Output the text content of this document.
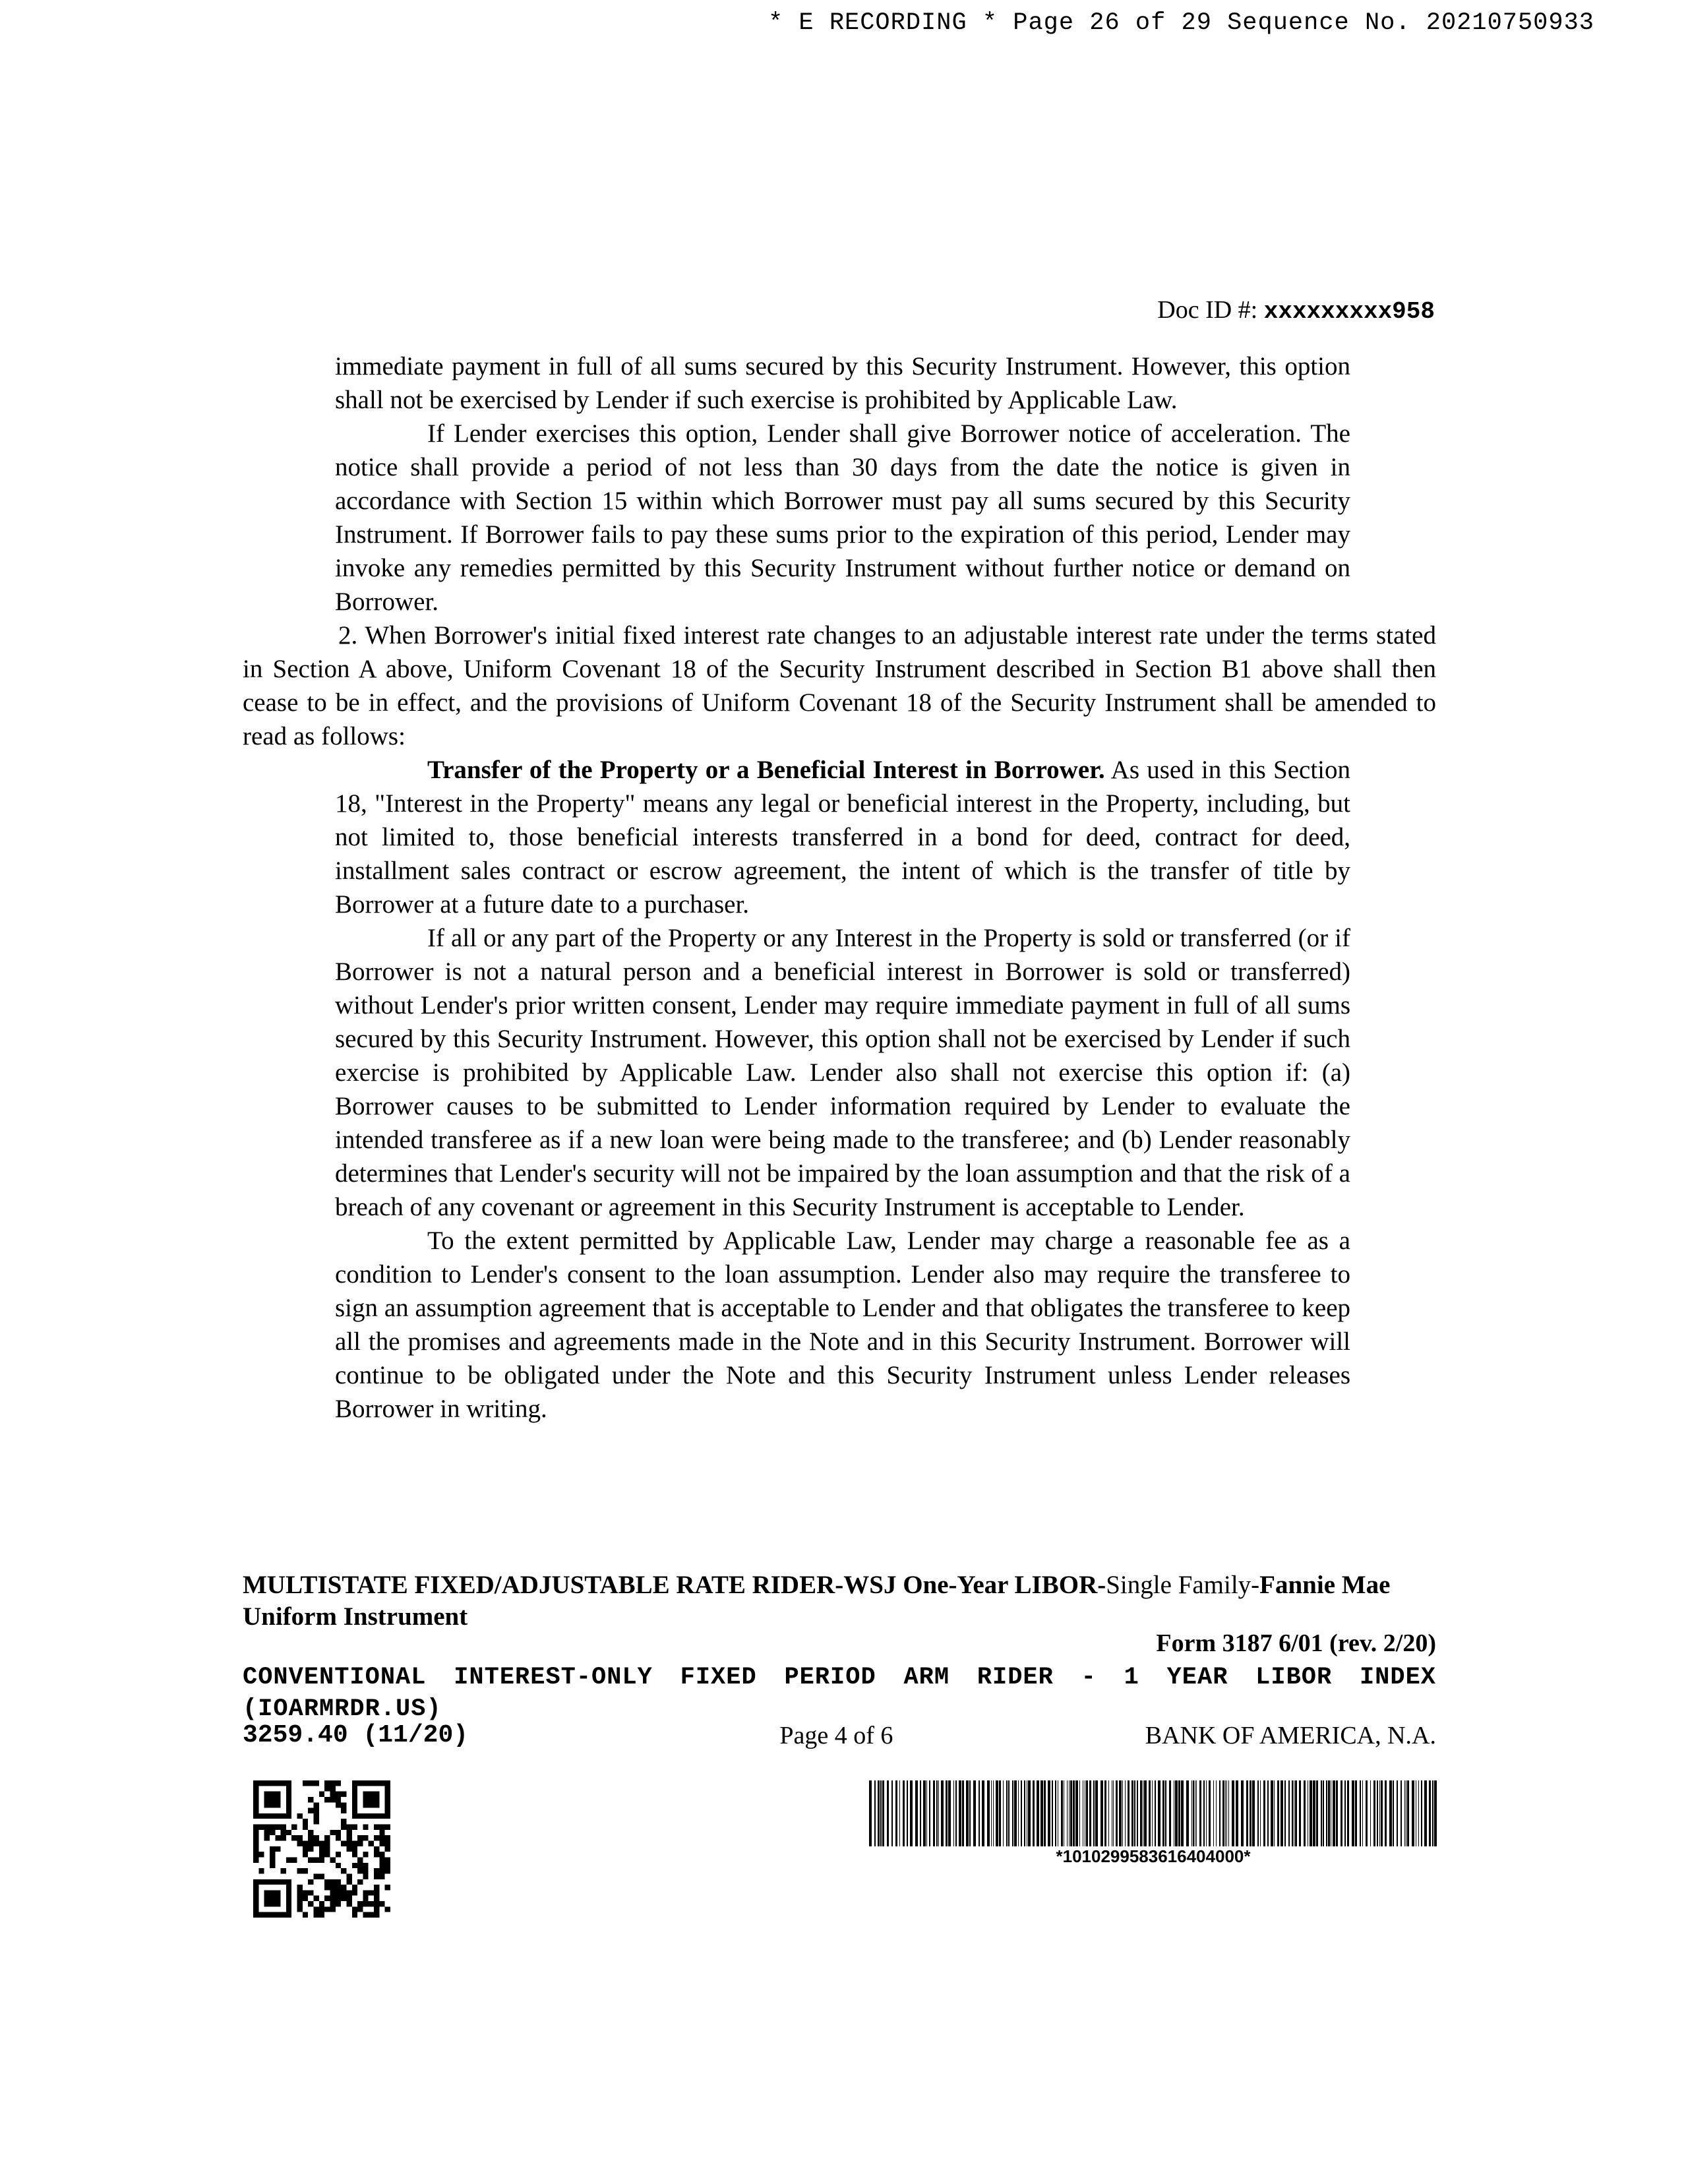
* E RECORDING * Page 26 of 29 Sequence No. 20210750933
Doc ID #: xxxxxxxxx958

immediate payment in full of all sums secured by this Security Instrument. However, this option shall not be exercised by Lender if such exercise is prohibited by Applicable Law.

If Lender exercises this option, Lender shall give Borrower notice of acceleration. The notice shall provide a period of not less than 30 days from the date the notice is given in accordance with Section 15 within which Borrower must pay all sums secured by this Security Instrument. If Borrower fails to pay these sums prior to the expiration of this period, Lender may invoke any remedies permitted by this Security Instrument without further notice or demand on Borrower.

2. When Borrower's initial fixed interest rate changes to an adjustable interest rate under the terms stated in Section A above, Uniform Covenant 18 of the Security Instrument described in Section B1 above shall then cease to be in effect, and the provisions of Uniform Covenant 18 of the Security Instrument shall be amended to read as follows:

Transfer of the Property or a Beneficial Interest in Borrower. As used in this Section 18, "Interest in the Property" means any legal or beneficial interest in the Property, including, but not limited to, those beneficial interests transferred in a bond for deed, contract for deed, installment sales contract or escrow agreement, the intent of which is the transfer of title by Borrower at a future date to a purchaser.

If all or any part of the Property or any Interest in the Property is sold or transferred (or if Borrower is not a natural person and a beneficial interest in Borrower is sold or transferred) without Lender's prior written consent, Lender may require immediate payment in full of all sums secured by this Security Instrument. However, this option shall not be exercised by Lender if such exercise is prohibited by Applicable Law. Lender also shall not exercise this option if: (a) Borrower causes to be submitted to Lender information required by Lender to evaluate the intended transferee as if a new loan were being made to the transferee; and (b) Lender reasonably determines that Lender's security will not be impaired by the loan assumption and that the risk of a breach of any covenant or agreement in this Security Instrument is acceptable to Lender.

To the extent permitted by Applicable Law, Lender may charge a reasonable fee as a condition to Lender's consent to the loan assumption. Lender also may require the transferee to sign an assumption agreement that is acceptable to Lender and that obligates the transferee to keep all the promises and agreements made in the Note and in this Security Instrument. Borrower will continue to be obligated under the Note and this Security Instrument unless Lender releases Borrower in writing.

MULTISTATE FIXED/ADJUSTABLE RATE RIDER-WSJ One-Year LIBOR-Single Family-Fannie Mae
Uniform Instrument
Form 3187 6/01 (rev. 2/20)
CONVENTIONAL INTEREST-ONLY FIXED PERIOD ARM RIDER - 1 YEAR LIBOR INDEX
(IOARMRDR.US)
3259.40 (11/20)	Page 4 of 6	BANK OF AMERICA, N.A.
*1010299583616404000*
